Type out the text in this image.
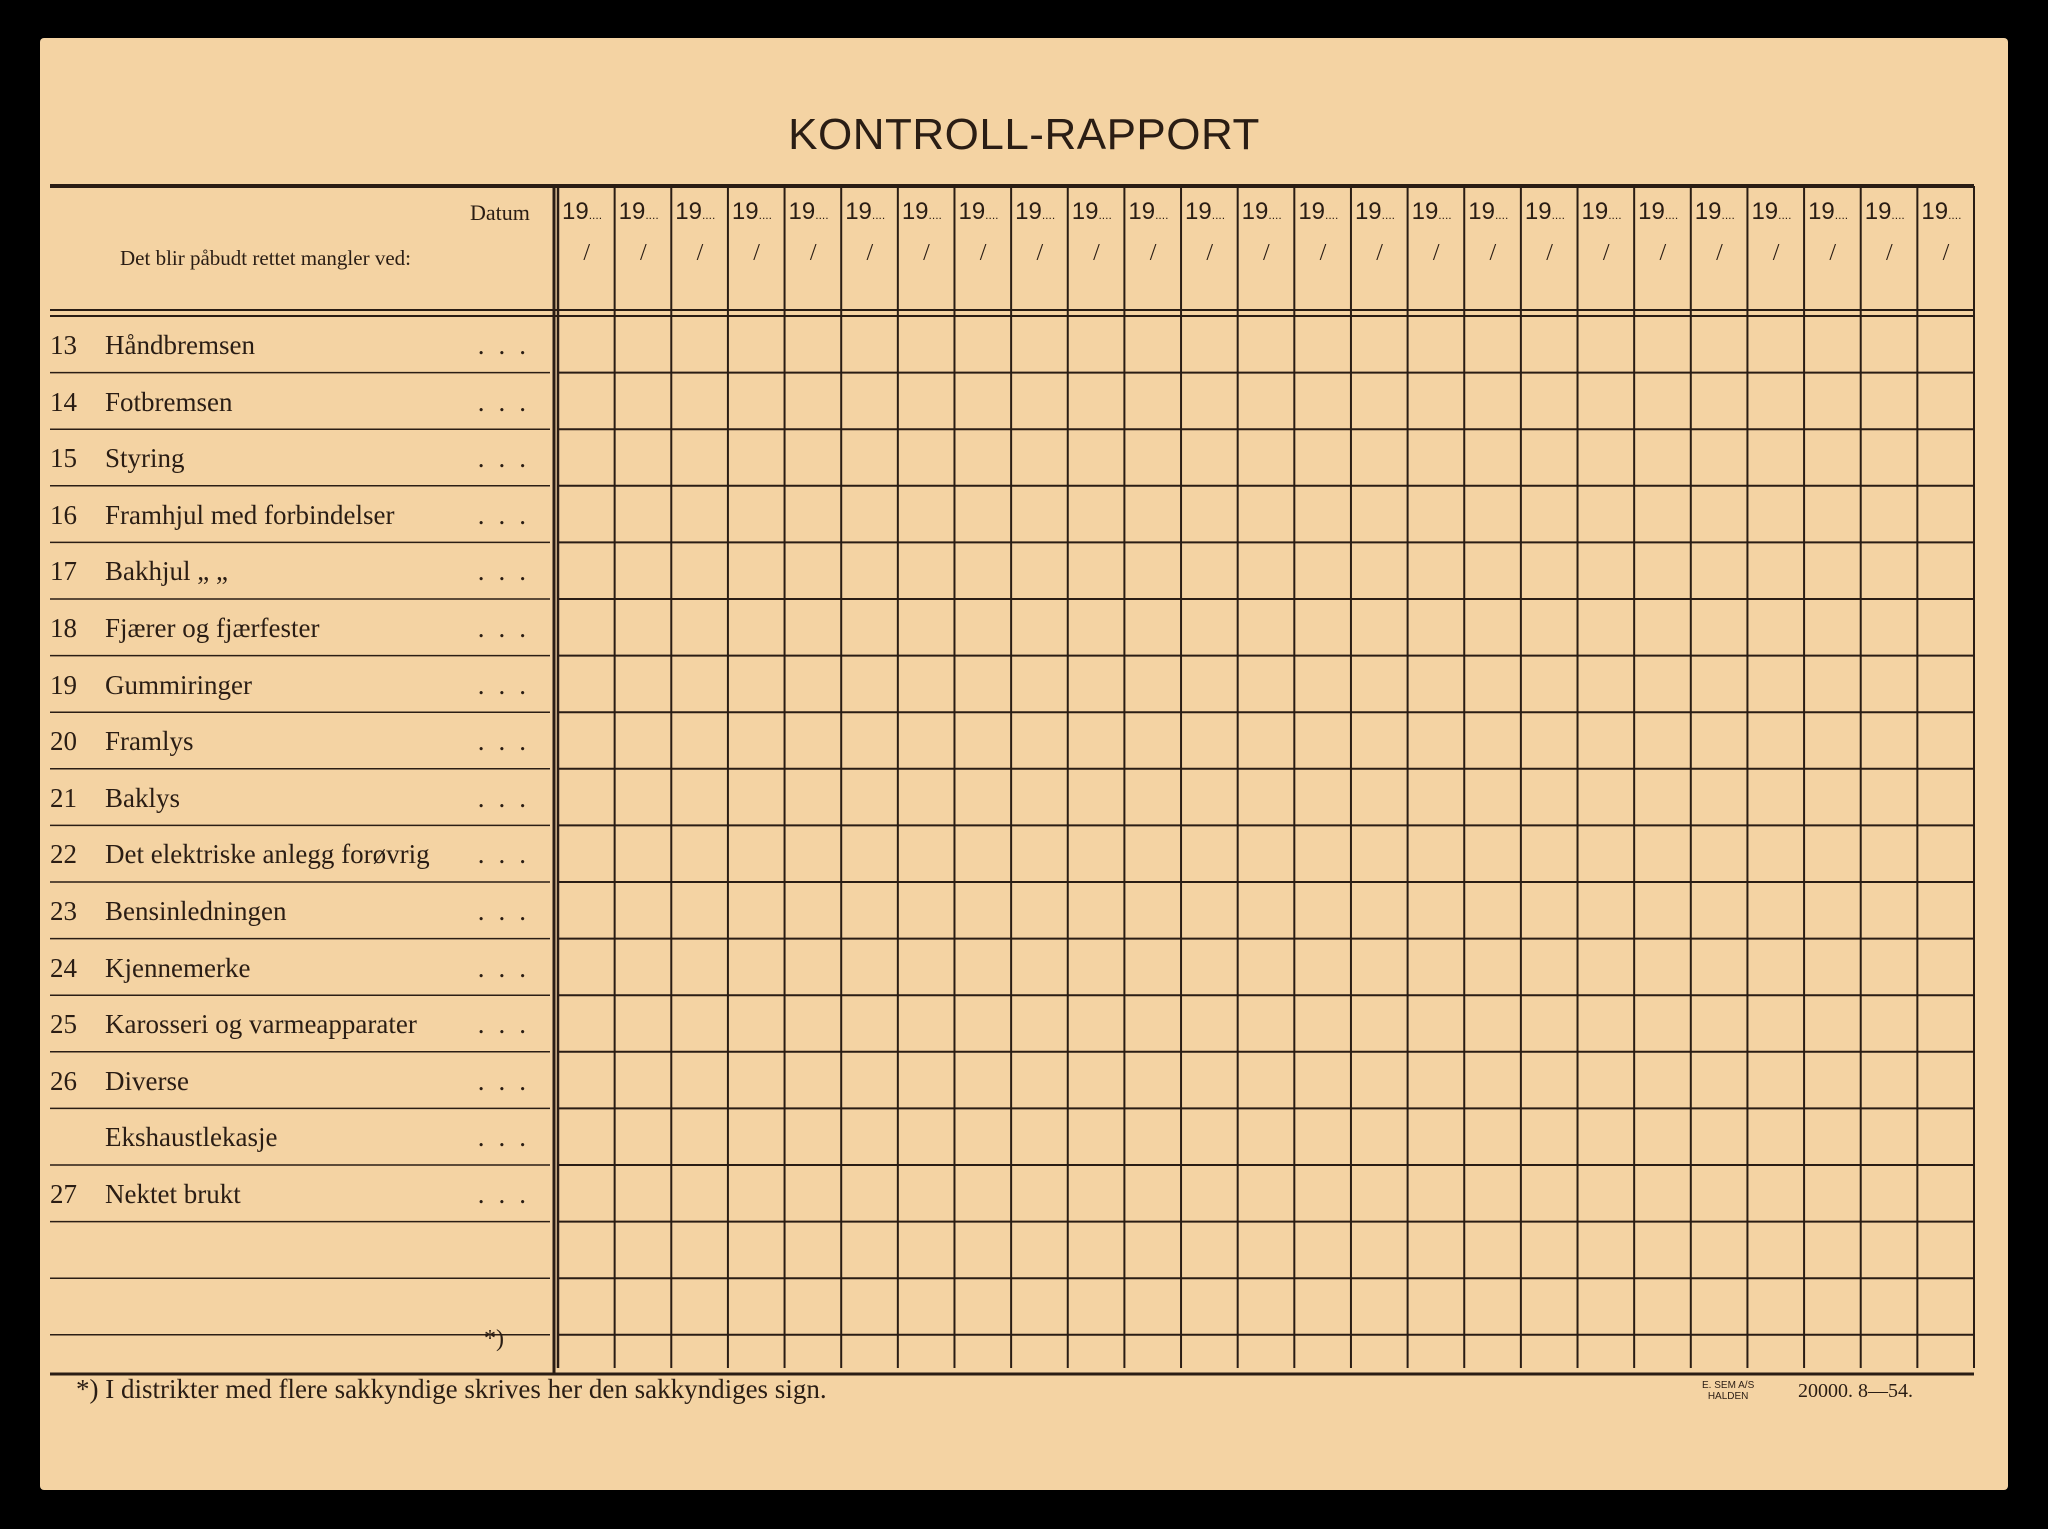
KONTROLL-RAPPORT
Datum
Det blir påbudt rettet mangler ved:
19....
/
19....
/
19....
/
19....
/
19....
/
19....
/
19....
/
19....
/
19....
/
19....
/
19....
/
19....
/
19....
/
19....
/
19....
/
19....
/
19....
/
19....
/
19....
/
19....
/
19....
/
19....
/
19....
/
19....
/
19....
/
13 Håndbremsen	...
14 Fotbremsen	...
15 Styring	...
16 Framhjul med forbindelser	...
17 Bakhjul „ „	...
18 Fjærer og fjærfester	...
19 Gummiringer	...
20 Framlys	...
21 Baklys	...
22 Det elektriske anlegg forøvrig	...
23 Bensinledningen	...
24 Kjennemerke	...
25 Karosseri og varmeapparater	...
26 Diverse	...
Ekshaustlekasje	...
27 Nektet brukt	...
*)
*) I distrikter med flere sakkyndige skrives her den sakkyndiges sign.	E. SEM A/S
HALDEN 20000. 8—54.
